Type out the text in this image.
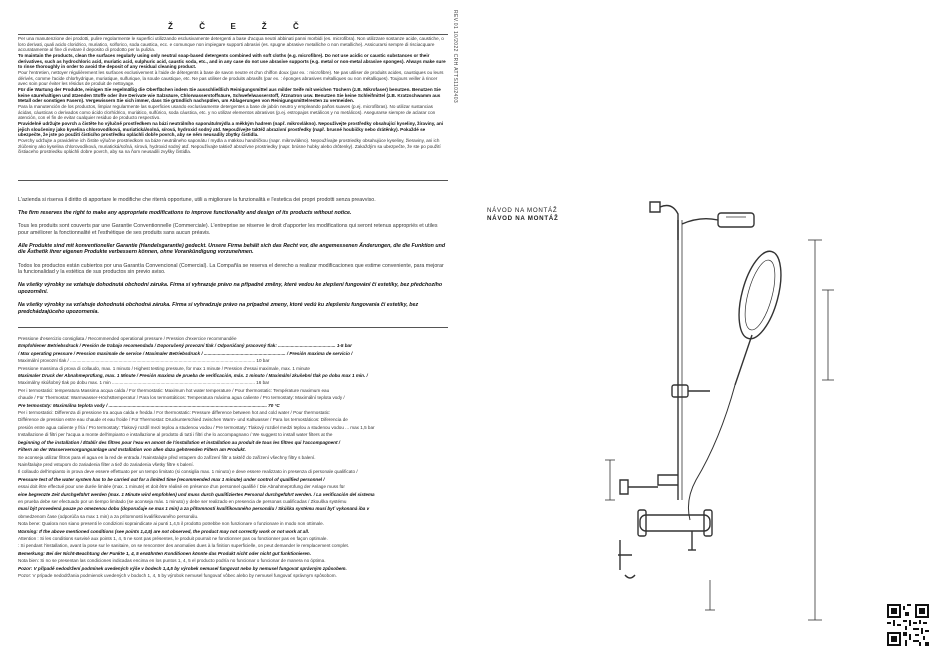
Ž	Č	E	Ž	Č

Per una manutenzione dei prodotti, pulire regolarmente le superfici utilizzando esclusivamente detergenti a base d'acqua neutri abbinati panni morbidi (es. microfibra). Non utilizzare sostanze acide, caustiche, o loro derivati, quali acido cloridrico, muriatico, solforico, soda caustica, ecc. e comunque non impiegare supporti abrasivi (es. spugne abrasive metalliche o non metalliche). Assicurarsi sempre di risciacquare accuratamente al fine di evitare il deposito di prodotto per la pulizia.

To maintain the products, clean the surfaces regularly using only neutral soap-based detergents combined with soft cloths (e.g. microfibre). Do not use acidic or caustic substances or their derivatives, such as hydrochloric acid, muriatic acid, sulphuric acid, caustic soda, etc., and in any case do not use abrasive supports (e.g. metal or non-metal abrasive sponges). Always make sure to rinse thoroughly in order to avoid the deposit of any residual cleaning product.

Pour l'entretien, nettoyer régulièrement les surfaces exclusivement à l'aide de détergents à base de savon neutre et d'un chiffon doux (par ex. : microfibre). Ne pas utiliser de produits acides, caustiques ou leurs dérivés, comme l'acide chlorhydrique, muriatique, sulfurique, la soude caustique, etc. Ne pas utiliser de produits abrasifs (par ex. : éponges abrasives métalliques ou non métalliques). Toujours veiller à rincer avec soin pour éviter les résidus de produit de nettoyage.

Für die Wartung der Produkte, reinigen Sie regelmäßig die Oberflächen indem Sie ausschließlich Reinigungsmittel aus milder Seife mit weichen Tüchern (z.B. Mikrofaser) benutzen. Benutzen Sie keine säurehaltigen und ätzenden Stoffe oder ihre Derivate wie Salzsäure, Chlorwasserstoffsäure, Schwefelwasserstoff, Ätznatron usw. Benutzen Sie keine Schleifmittel (z.B. Kratzschwamm aus Metall oder sonstigen Fasern). Vergewissern Sie sich immer, dass Sie gründlich nachspülen, um Ablagerungen von Reinigungsmittelresten zu vermeiden.

Para la manutención de los productos, limpiar regularmente las superficies usando exclusivamente detergentes a base de jabón neutro y empleando paños suaves (p.ej. microfibras). No utilizar sustancias ácidas, cáusticas o derivados como ácido clorhídrico, muriático, sulfúrico, soda cáustica, etc. y no utilizar elementos abrasivos (p.ej. estropajos metálicos y no metálicos). Asegurarse siempre de aclarar con atención, con el fin de evitar cualquier residuo de producto respectivo.

Pravidelně udržujte povrch a čistěte ho výlučně prostředkem na bázi neutrálního saponátu/mýdla a měkkým hadrem (např. mikrovlákno). Nepoužívejte prostředky obsahující kyseliny, žíraviny, ani jejich sloučeniny jako kyselina chlorovodíková, muriatická/solná, sírová, hydroxid sodný atd. Nepoužívejte taktéž abrazivní prostředky (např. brusné houbičky nebo drátěnky). Pokaždé se ubezpečte, že jste po použití čisticího prostředku opláchli dobře povrch, aby se něm neusadily zbytky čistidla.

Povrchy udržujte a pravidelne ich čistite výlučne prostriedkom na báze neutrálneho saponátu / mydla a mäkkou handričkou (napr. mikrovlákno). Nepoužívajte prostriedky obsahujúce kyseliny, žieraviny, ani ich zlúčeniny ako kyselina chlorovodíková, muriatická/soľná, sírová, hydroxid sodný atď. Nepoužívajte taktiež abrazívne prostriedky (napr. brúsne hubky alebo drôtenky). Zakaždým sa ubezpečte, že ste po použití čistiaceho prostriedku opláchli dobre povrch, aby sa na ňom neusadili zvyšky čistidla.

L'azienda si riserva il diritto di apportare le modifiche che riterrà opportune, utili a migliorare la funzionalità e l'estetica dei propri prodotti senza preavviso.

The firm reserves the right to make any appropriate modifications to improve functionality and design of its products without notice.

Tous les produits sont couverts par une Garantie Conventionnelle (Commerciale). L'entreprise se réserve le droit d'apporter les modifications qui seront retenus appropriés et utiles pour améliorer la fonctionnalité et l'esthétique de ses produits sans aucun préavis.

Alle Produkte sind mit konventioneller Garantie (Handelsgarantie) gedeckt. Unsere Firma behält sich das Recht vor, die angemessenen Änderungen, die die Funktion und die Ästhetik ihrer eigenen Produkte verbessern können, ohne Vorankündigung vorzunehmen.

Todos los productos están cubiertos por una Garantía Convencional (Comercial). La Compañía se reserva el derecho a realizar modificaciones que estime conveniente, para mejorar la funcionalidad y la estética de sus productos sin previo aviso.

Na všetky výrobky se vztahuje dohodnutá obchodní záruka. Firma si vyhrazuje právo na případné změny, které vedou ke zlepšení fungování či estetiky, bez předchozího upozornění.

Na všetky výrobky sa vzťahuje dohodnutá obchodná záruka. Firma si vyhradzuje právo na prípadné zmeny, ktoré vedú ku zlepšeniu fungovania či estetiky, bez predchádzajúceho upozornenia.

Pressione d'esercizio consigliata / Recommended operational pressure / Pression d'exercice recommandée
Empfohlener Betriebsdruck / Presión de trabajo recomendada / Doporučený provozní tlak / Odporúčaný pracovný tlak: ............................................. 1-5 bar
/ Max operating pressure / Pression maximale de service / Maximaler Betriebsdruck / ................................................................ / Presión maxima de servicio /
Maximální provozní tlak / ................................................................................................................................................. 10 bar
Pressione massima di prova di collaudo, max. 1 minuto / Highest testing pressure, for max 1 minute / Pression d'essai maximale, max. 1 minute
Maximaler Druck der Abnahmeprüfung, max. 1 Minute / Presión maxima de prueba de verificación, máx. 1 minuto / Maximální zkušební tlak po dobu max 1 min. /
Maximálny skúšobný tlak po dobu max. 1 min ................................................................................................................ 16 bar
Per i termostatici: temperatura Massima acqua calda / For thermostatic: Maximum hot water temperature / Pour thermostatic: Température maximum eau
chaude / Für Thermostat: Warmwasser-Höchsttemperatur / Para los termostáticos: Temperatura máxima agua caliente / Pro termostaty: Maximální teplota vody /
Pre termostaty: Maximálna teplota vody / ............................................................................................................................ 70 °C
Per i termostatici: Differenza di pressione tra acqua calda e fredda / For thermostatic: Pressure difference between hot and cold water / Pour thermostatic:
Différence de pression entre eau chaude et eau froide / Für Thermostat: Druckunterschied zwischen Warm- und Kaltwasser / Para los termostáticos: Diferencia de
presión entre agua caliente y fría / Pro termostaty: Tlakový rozdíl mezi teplou a studenou vodou / Pre termostaty: Tlakový rozdiel medzi teplou a studenou vodou ... max 1,5 bar
Installazione di filtri per l'acqua a monte dell'impianto e installazione al prodotto di tutti i filtri che lo accompagnano / We suggest to install water filters at the
beginning of the installation / Établir des filtres pour l'eau en amont de l'installation et installation au produit de tous les filtres qui l'accompagnent /
Filtern an der Wasserversorgungsanlage und Installation von allen dazu gehörenden Filtern am Produkt.
Se aconseja utilizar filtros para el agua en la red de entrada / Nainstalujte před vstupem do zařízení filtr a taktéž do zařízení všechny filtry s balení.
Nainštalujte pred vstupom do zariadenia filter a tiež do zariadenia všetky filtre s balení.
Il collaudo dell'impianto in prova deve essere effettuato per un tempo limitato (si consiglia max. 1 minuto) e deve essere realizzato in presenza di personale qualificato /
Pressure test of the water system has to be carried out for a limited time (recommended max 1 minute) under control of qualified personnel /
essai doit être effectué pour une durée limitée (max. 1 minute) et doit être réalisé en présence d'un personnel qualifié / Die Abnahmeprüfung der Anlage muss für
eine begrenzte Zeit durchgeführt werden (max. 1 Minute wird empfohlen) und muss durch qualifiziertes Personal durchgeführt werden. / La verificación del sistema
en prueba debe ser efectuado por un tiempo limitado (se aconseja máx. 1 minuto) y debe ser realizado en presencia de personas cualificadas / Zkouška systému
musí být provedená pouze po omezenou dobu (doporučuje se max 1 min) a za přítomnosti kvalifikovaného personálu / Skúška systému musí byť vykonaná iba v
obmedzenom čase (odporúča sa max 1 min) a za prítomnosti kvalifikovaného personálu.
Nota bene: Qualora non siano presenti le condizioni sopraindicate ai punti 1,4,5 il prodotto potrebbe non funzionare o funzionare in modo non ottimale.
Warning: If the above mentioned conditions (see points 1,4,5) are not observed, the product may not correctly work or not work at all.
Attention : Si les conditions susvisé aux points 1, 4, 5 ne sont pas présentes, le produit pourrait ne fonctionner pas ou fonctionner pas en façon optimale.
: Si pendant l'installation, avant la pose sur le sanitaire, on se rencontrer des anomalies dues à la finition superficielle, on peut demander le remplacement complet.
Bemerkung: Bei der Nicht-Beachtung der Punkte 1, 4, 5 erwähnten Konditionen könnte das Produkt nicht oder nicht gut funktionieren.
Nota bien: Si no se presentan las condiciones indicadas encima en los puntos 1, 4, 5 el producto podría no funcionar o funcionar de manera no óptima.
Pozor: V případě nedodržení podmínek uvedených výše v bodech 1,4,5 by výrobek nemusel fungovat nebo by nemusel fungovat správným způsobem.
Pozor: V prípade nedodržania podmienok uvedených v bodoch 1, 4, 5 by výrobok nemusel fungovať vôbec alebo by nemusel fungovať správnym spôsobom.
REV.01 10/2022 CRH ATTS1102403
NÁVOD NA MONTÁŽ
NÁVOD NA MONTÁŽ
